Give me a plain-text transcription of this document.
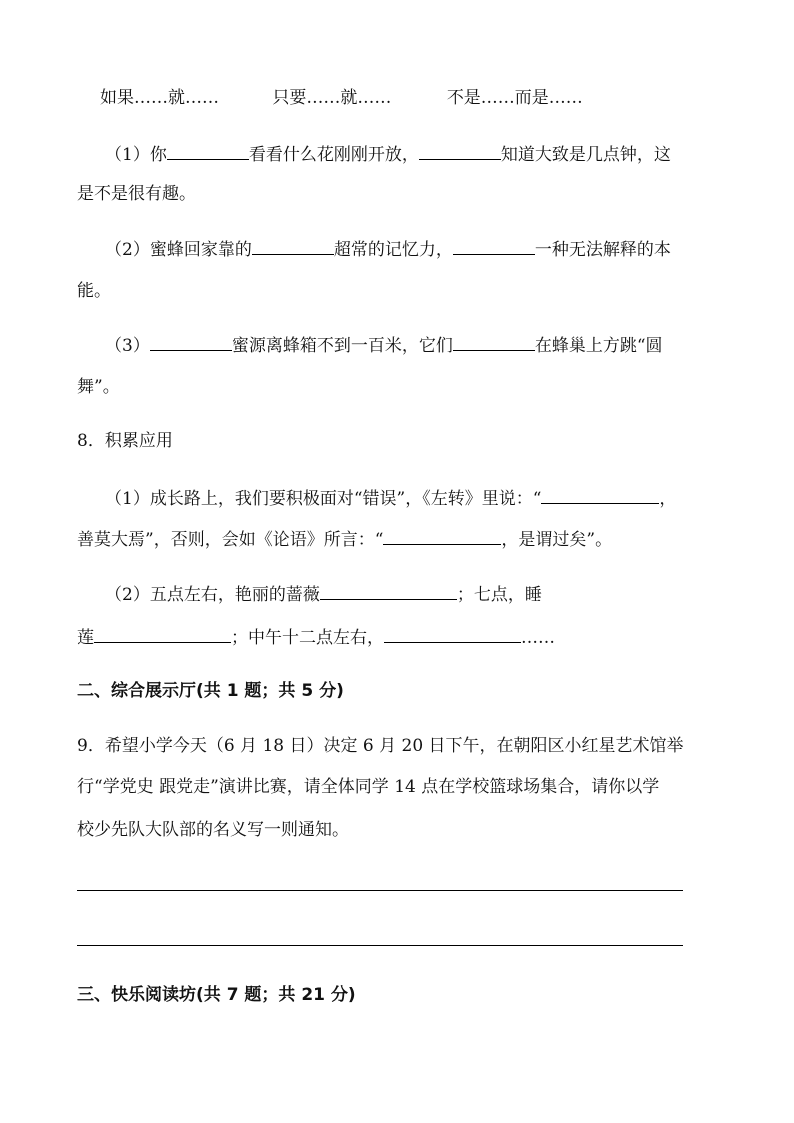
如果……就……	只要……就……	不是……而是……
（1）你	看看什么花刚刚开放，	知道大致是几点钟，这
是不是很有趣。
（2）蜜蜂回家靠的	超常的记忆力，	一种无法解释的本
能。
（3）	蜜源离蜂箱不到一百米，它们	在蜂巢上方跳“圆
舞”。
8．积累应用
（1）成长路上，我们要积极面对“错误”，《左转》里说：“	，
善莫大焉”，否则，会如《论语》所言：“	，是谓过矣”。
（2）五点左右，艳丽的蔷薇	；七点，睡
莲	；中午十二点左右，	……
二、综合展示厅(共 1 题；共 5 分)
9．希望小学今天（6 月 18 日）决定 6 月 20 日下午，在朝阳区小红星艺术馆举
行“学党史 跟党走”演讲比赛，请全体同学 14 点在学校篮球场集合，请你以学
校少先队大队部的名义写一则通知。
三、快乐阅读坊(共 7 题；共 21 分)
